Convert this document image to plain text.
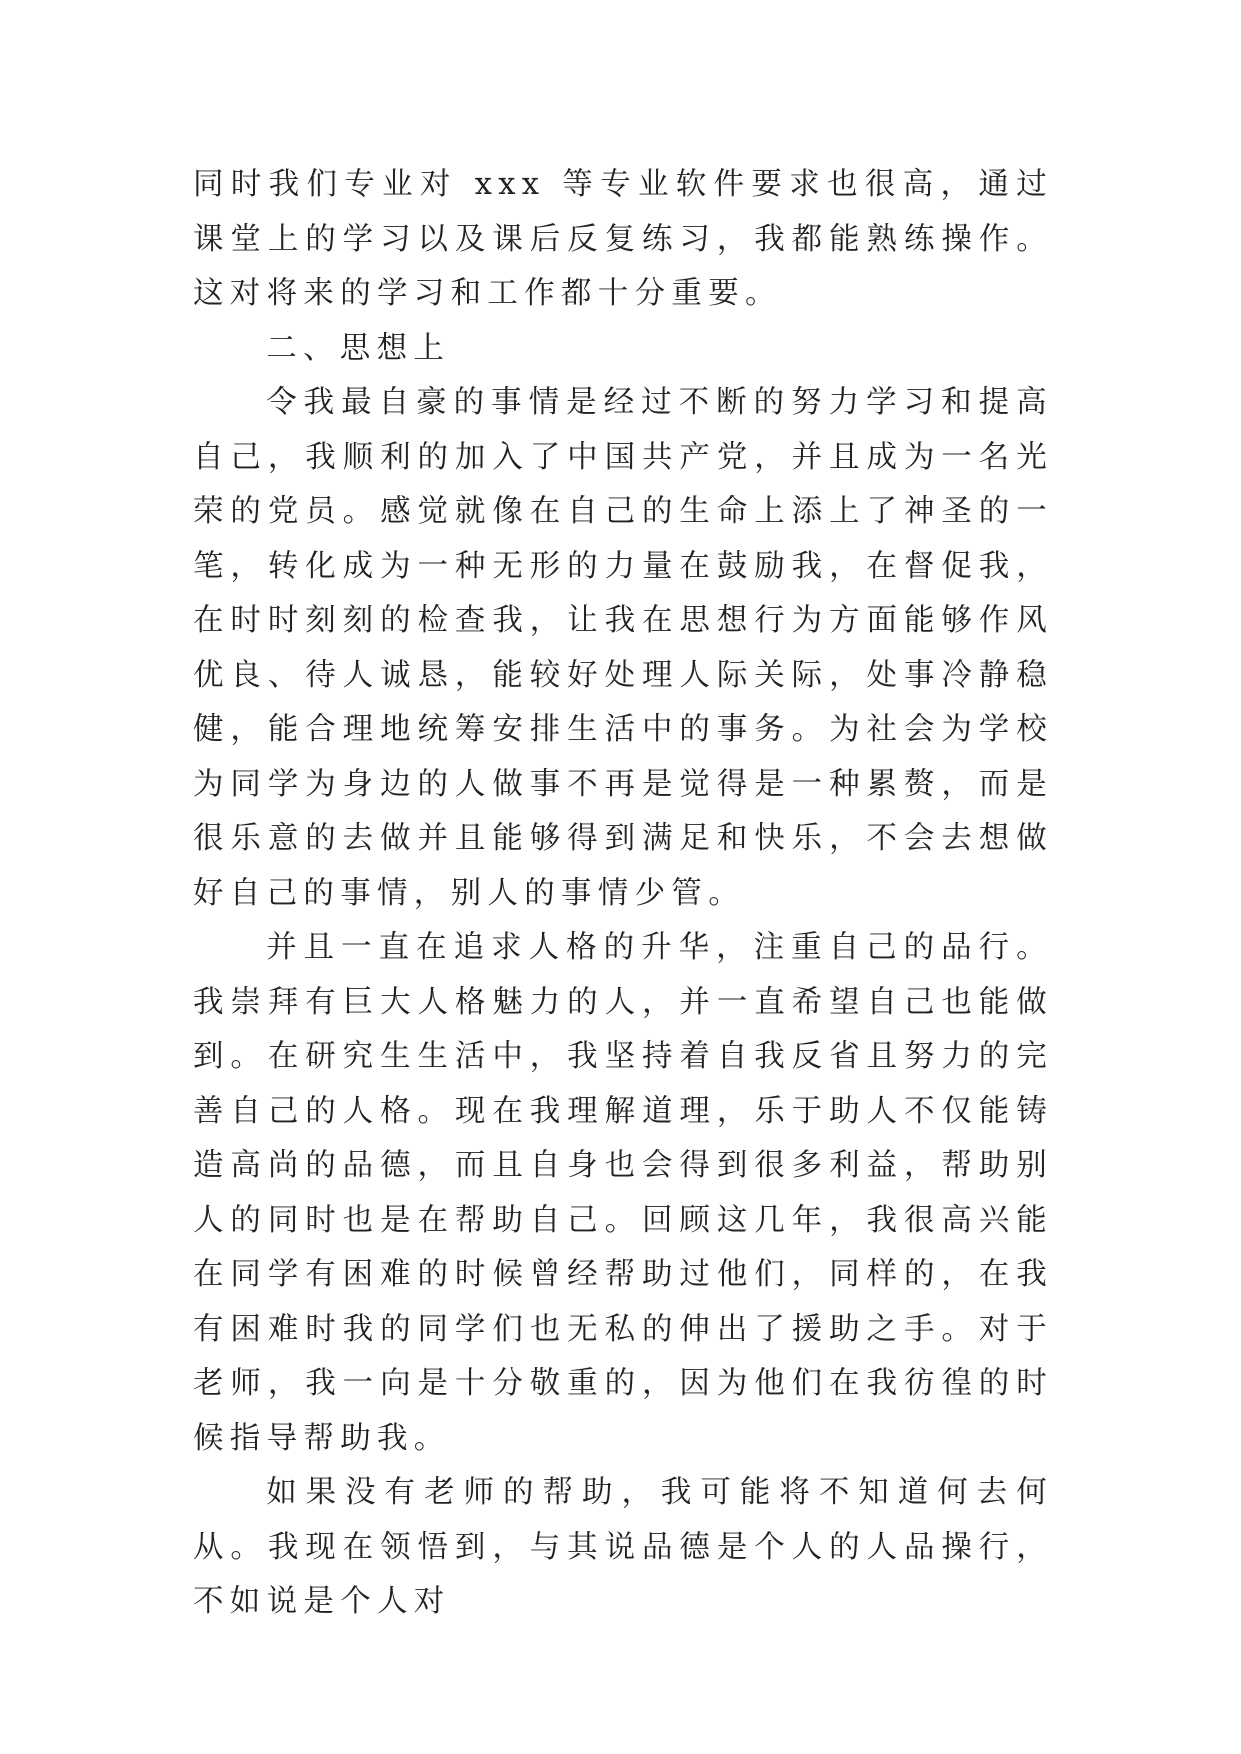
同时我们专业对 xxx 等专业软件要求也很高，通过课堂上的学习以及课后反复练习，我都能熟练操作。这对将来的学习和工作都十分重要。

二、思想上

令我最自豪的事情是经过不断的努力学习和提高自己，我顺利的加入了中国共产党，并且成为一名光荣的党员。感觉就像在自己的生命上添上了神圣的一笔，转化成为一种无形的力量在鼓励我，在督促我，在时时刻刻的检查我，让我在思想行为方面能够作风优良、待人诚恳，能较好处理人际关际，处事冷静稳健，能合理地统筹安排生活中的事务。为社会为学校为同学为身边的人做事不再是觉得是一种累赘，而是很乐意的去做并且能够得到满足和快乐，不会去想做好自己的事情，别人的事情少管。

并且一直在追求人格的升华，注重自己的品行。我崇拜有巨大人格魅力的人，并一直希望自己也能做到。在研究生生活中，我坚持着自我反省且努力的完善自己的人格。现在我理解道理，乐于助人不仅能铸造高尚的品德，而且自身也会得到很多利益，帮助别人的同时也是在帮助自己。回顾这几年，我很高兴能在同学有困难的时候曾经帮助过他们，同样的，在我有困难时我的同学们也无私的伸出了援助之手。对于老师，我一向是十分敬重的，因为他们在我彷徨的时候指导帮助我。

如果没有老师的帮助，我可能将不知道何去何从。我现在领悟到，与其说品德是个人的人品操行，不如说是个人对
